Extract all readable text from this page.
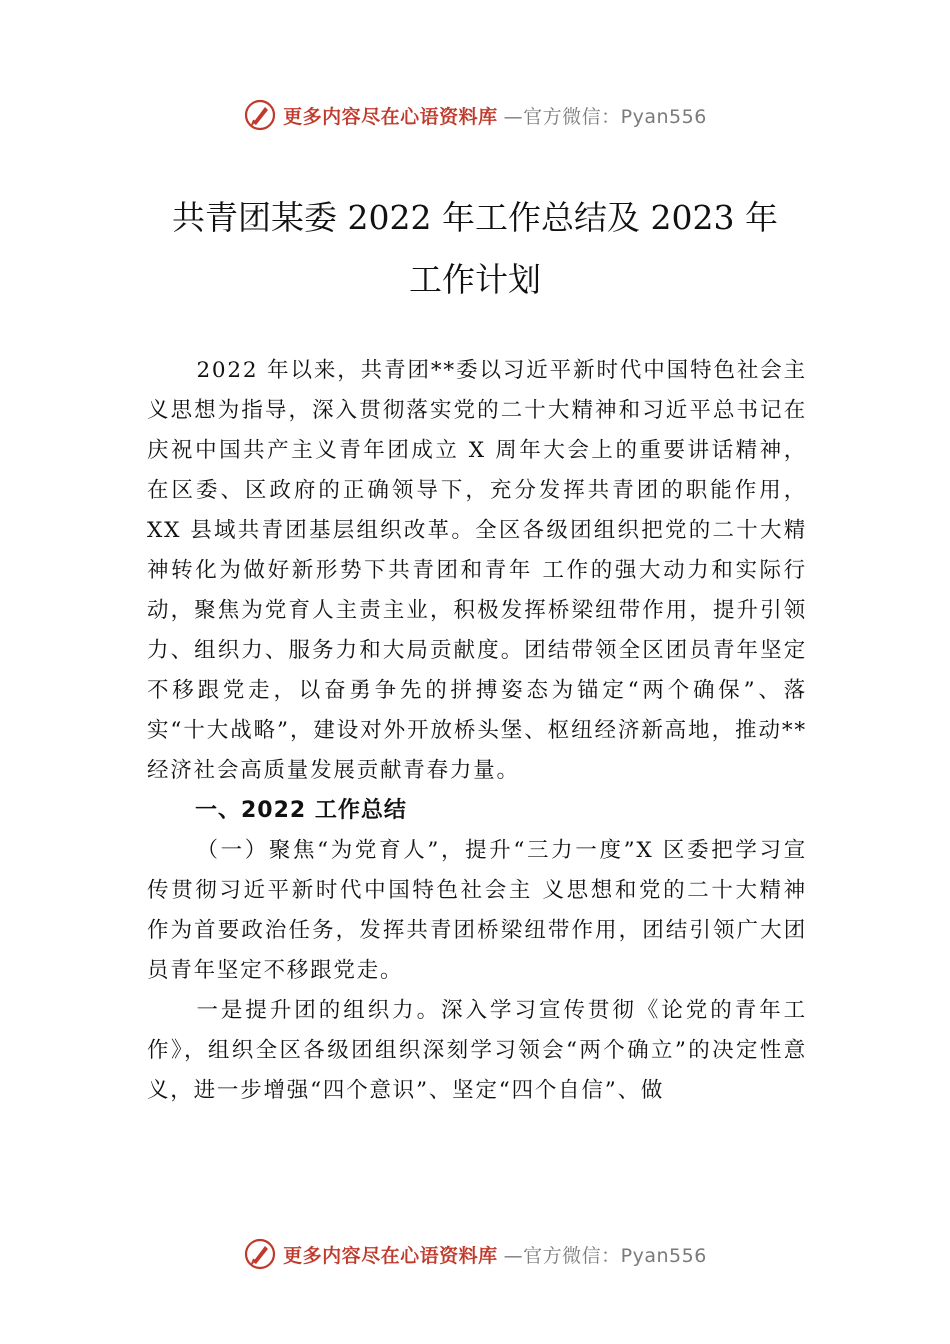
更多内容尽在心语资料库 —官方微信：Pyan556
共青团某委 2022 年工作总结及 2023 年
工作计划

2022 年以来，共青团**委以习近平新时代中国特色社会主义思想为指导，深入贯彻落实党的二十大精神和习近平总书记在庆祝中国共产主义青年团成立 X 周年大会上的重要讲话精神，在区委、区政府的正确领导下，充分发挥共青团的职能作用，XX 县域共青团基层组织改革。全区各级团组织把党的二十大精神转化为做好新形势下共青团和青年 工作的强大动力和实际行动，聚焦为党育人主责主业，积极发挥桥梁纽带作用，提升引领力、组织力、服务力和大局贡献度。团结带领全区团员青年坚定不移跟党走，以奋勇争先的拼搏姿态为锚定“两个确保”、落实“十大战略”，建设对外开放桥头堡、枢纽经济新高地，推动**经济社会高质量发展贡献青春力量。

一、2022 工作总结

（一）聚焦“为党育人”，提升“三力一度”X 区委把学习宣传贯彻习近平新时代中国特色社会主 义思想和党的二十大精神作为首要政治任务，发挥共青团桥梁纽带作用，团结引领广大团员青年坚定不移跟党走。

一是提升团的组织力。深入学习宣传贯彻《论党的青年工作》，组织全区各级团组织深刻学习领会“两个确立”的决定性意义，进一步增强“四个意识”、坚定“四个自信”、做

更多内容尽在心语资料库 —官方微信：Pyan556
